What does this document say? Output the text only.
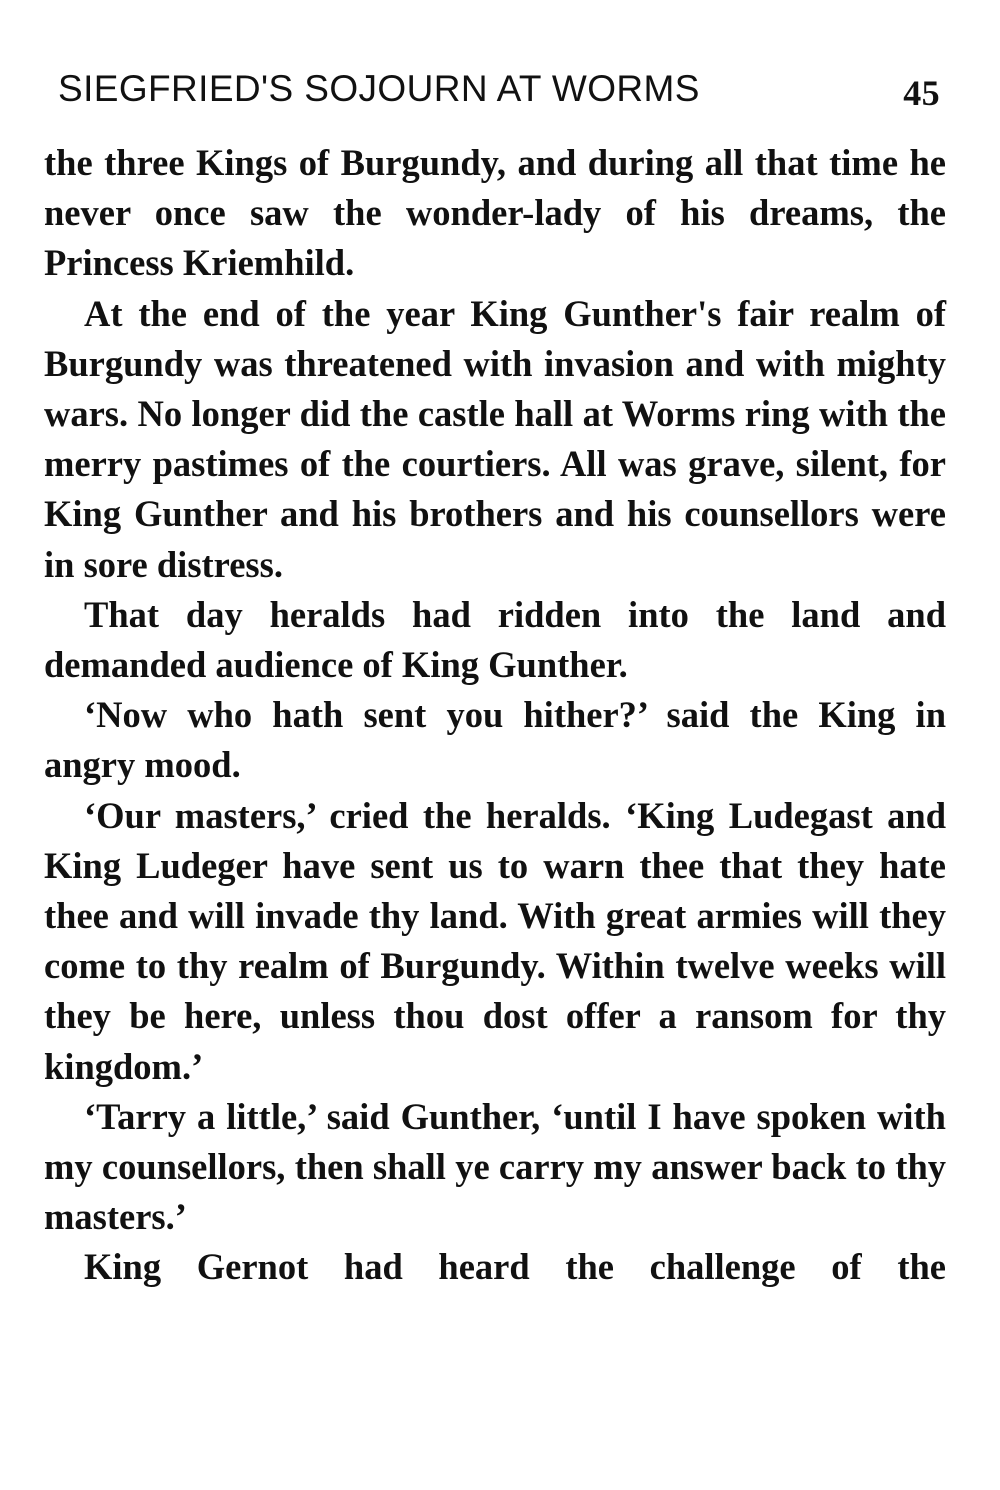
SIEGFRIED'S SOJOURN AT WORMS	45

the three Kings of Burgundy, and during all that time he never once saw the wonder-lady of his dreams, the Princess Kriemhild.

At the end of the year King Gunther's fair realm of Burgundy was threatened with invasion and with mighty wars. No longer did the castle hall at Worms ring with the merry pastimes of the courtiers. All was grave, silent, for King Gunther and his brothers and his counsellors were in sore distress.

That day heralds had ridden into the land and demanded audience of King Gunther.

‘Now who hath sent you hither?’ said the King in angry mood.

‘Our masters,’ cried the heralds. ‘King Ludegast and King Ludeger have sent us to warn thee that they hate thee and will invade thy land. With great armies will they come to thy realm of Burgundy. Within twelve weeks will they be here, unless thou dost offer a ransom for thy kingdom.’

‘Tarry a little,’ said Gunther, ‘until I have spoken with my counsellors, then shall ye carry my answer back to thy masters.’

King Gernot had heard the challenge of the
